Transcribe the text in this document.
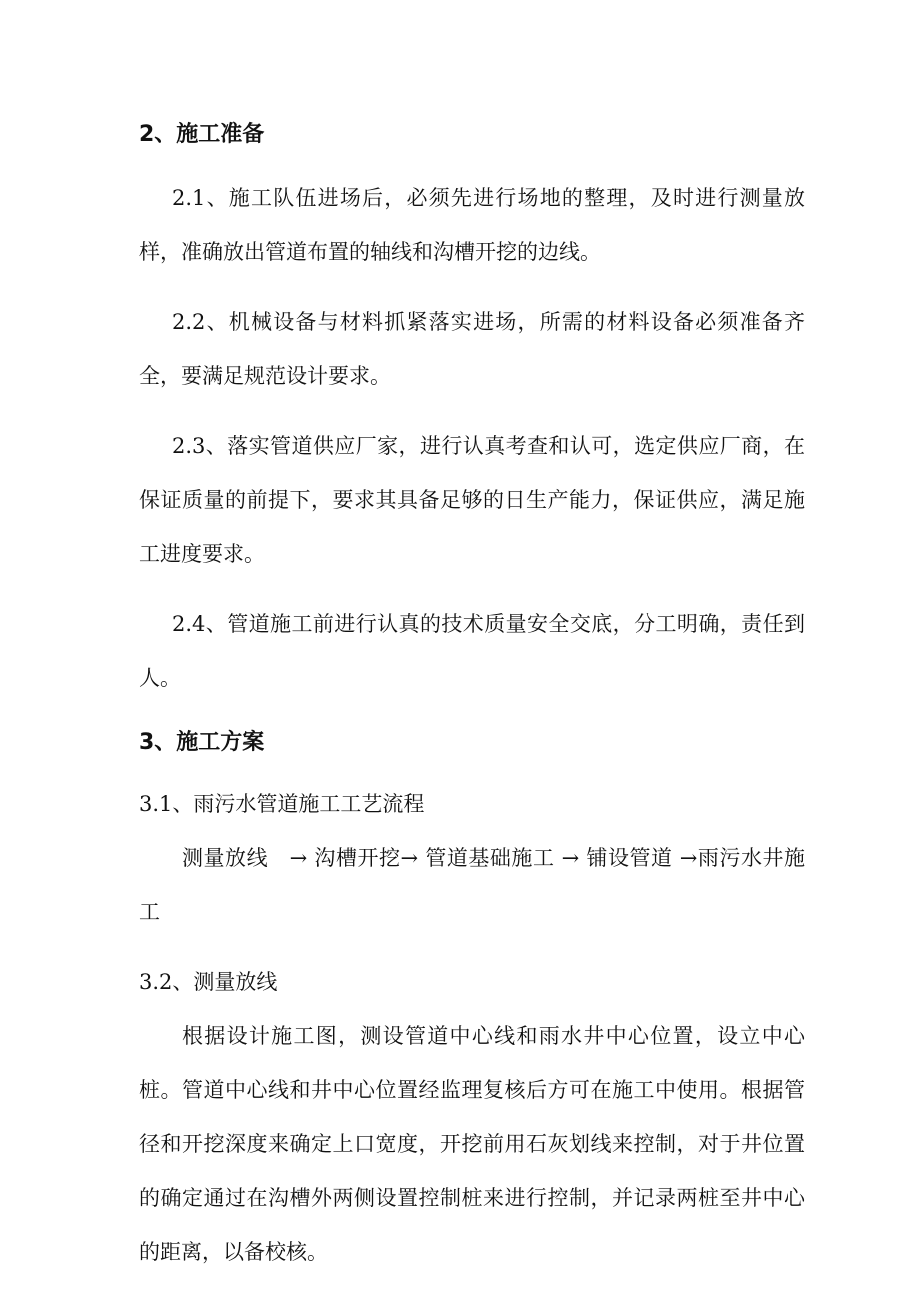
2、施工准备

2.1、施工队伍进场后，必须先进行场地的整理，及时进行测量放样，准确放出管道布置的轴线和沟槽开挖的边线。

2.2、机械设备与材料抓紧落实进场，所需的材料设备必须准备齐全，要满足规范设计要求。

2.3、落实管道供应厂家，进行认真考查和认可，选定供应厂商，在保证质量的前提下，要求其具备足够的日生产能力，保证供应，满足施工进度要求。

2.4、管道施工前进行认真的技术质量安全交底，分工明确，责任到人。

3、施工方案

3.1、雨污水管道施工工艺流程

测量放线　→ 沟槽开挖→ 管道基础施工 → 铺设管道 →雨污水井施工

3.2、测量放线

根据设计施工图，测设管道中心线和雨水井中心位置，设立中心桩。管道中心线和井中心位置经监理复核后方可在施工中使用。根据管径和开挖深度来确定上口宽度，开挖前用石灰划线来控制，对于井位置的确定通过在沟槽外两侧设置控制桩来进行控制，并记录两桩至井中心的距离，以备校核。
